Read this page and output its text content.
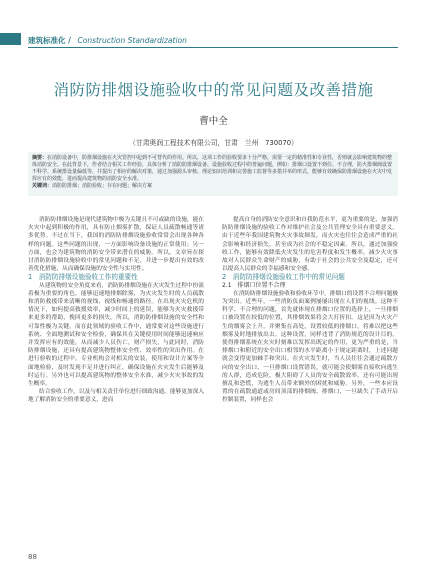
建筑标准化 / Construction Standardization
消防防排烟设施验收中的常见问题及改善措施
曹中全
（甘肃奥润工程技术有限公司，甘肃　兰州　730070）
摘要：在消防设备中，防排烟设施在火灾管控中起到不可替代的作用。所以，这项工作的验收要求十分严格，需要一定的精准性和专业性，否则就会影响建筑物的整体消防安全。在此背景下，作者结合相关工作经验，具体分析了消防防排烟设备、设施验收过程中的普遍问题，例如：排烟口设置不到位、不合理，防火排烟阀设置不科学、系统排设量偏低等，并提出了相应的解决对策，通过加强源头审核、理论知识培训和完善施工监督等多措并举的形式，能够有效确保防排烟设施在火灾中发挥应有的效能，进而提高建筑物的消防安全水准。
关键词：消防防排烟；消防验收；存在问题；解决方案

消防防排烟设施是现代建筑物中极为关键且不可或缺的设施，能在火灾中起到积极的作用，具有防止烟雾扩散，保证人员疏散畅通等诸多优势。不过在当下，我国的消防防排烟设施验收常常会出现各种各样的问题。这些问题的出现，一方面影响设备设施的正常使用；另一方面，也会为建筑物的消防安全带来潜在的威胁。所以，文章旨在探讨消防防排烟设施验收中的常见问题和不足，并进一步提出有效的改善优化措施，从而确保设施的安全性与实用性。

1　消防防排烟设施验收工作的重要性

从建筑物的安全角度来看，消防防排烟设施在火灾发生过程中扮演着极为重要的角色，能够迅速地排烟除雾，为火灾发生时的人员疏散和消防救援带来清晰的视线、视线和畅通的路径。在出现火灾危机的情况下，如何提高救援效率，减少时间上的延误，能够为火灾救援带来更多的帮助，挽回更多的损失。所以，消防防排烟设施的安全性和可靠性极为关键，而在此领域的验收工作中，通常要对这些设施进行系统、全面地测试和安全检验，确保其在关键使用时间能够迅速响应并发挥应有的效能，从而减少人员伤亡，财产损失，与此同时，消防防排烟设施，还具有提高建筑物整体安全性、效率性的突出作用。在进行验收的过程中，专业机构会对相关的安装，使用和设计方案等全面地检验，及时发现不足并进行纠正，确保设施在火灾发生后能够及时运行。另外也可以提高建筑物的整体安全水准，减少火灾事故的发生概率。

结合验收工作，以及与相关责任单位进行细致沟通，能够更加深入地了解消防安全的重要意义，进而

提高自身的消防安全意识和自我防范水平，更为重要的是，加强消防防排烟设施的验收工作对维护社会及公共管理安全具有重要意义。由于近些年我国建筑物火灾事故频发，而火灾也往往会造成严重的社会影响和经济损失，甚至成为社会的不稳定因素。所以，通过加强验收工作，能够有效降低火灾发生的危害程度和发生概率，减少火灾事故对人民群众生命财产的威胁，有助于社会的公共安全及稳定，还可以提高人民群众的幸福感和安全感。

2　消防防排烟设施验收工作中的常见问题

2.1　排烟口位置不合理

在消防防排烟设施验收和验收环节中，排烟口的设置不合理问题极为突出。近些年，一些消防负面案例屡屡出现在人们的视线。这种不科学、不合理的问题，首先就体现在排烟口位置的选择上，一旦排烟口被设置在较低的位置，其排烟效果将会大打折扣。这是因为火灾产生的烟雾会上升，并聚集在高处，设置较低的排烟口，将难以把这些烟雾及时地排放出去。这种设置，同样违背了消防规范的设计目的，使得排烟系统在火灾时刻难以发挥出既定的作用，更为严重的是，当排烟口和附近的安全出口相邻的水平距离小于规定距离时，上述问题就会变得更加棘手和突出。在火灾发生时，当人员往往会通过疏散方向的安全出口，一旦排烟口设置错误，就可能会使烟雾直接吹向逃生的人群，造成危险，极大阻碍了人员的安全疏散效率，还有可能出现擅乱和恐慌，为逃生人员带来额外的困扰和威胁。另外，一些本应设置的在疏散通道或房间顶部的排烟阀、排烟口，一旦缺失了手动开启控制装置，同样也会

88
